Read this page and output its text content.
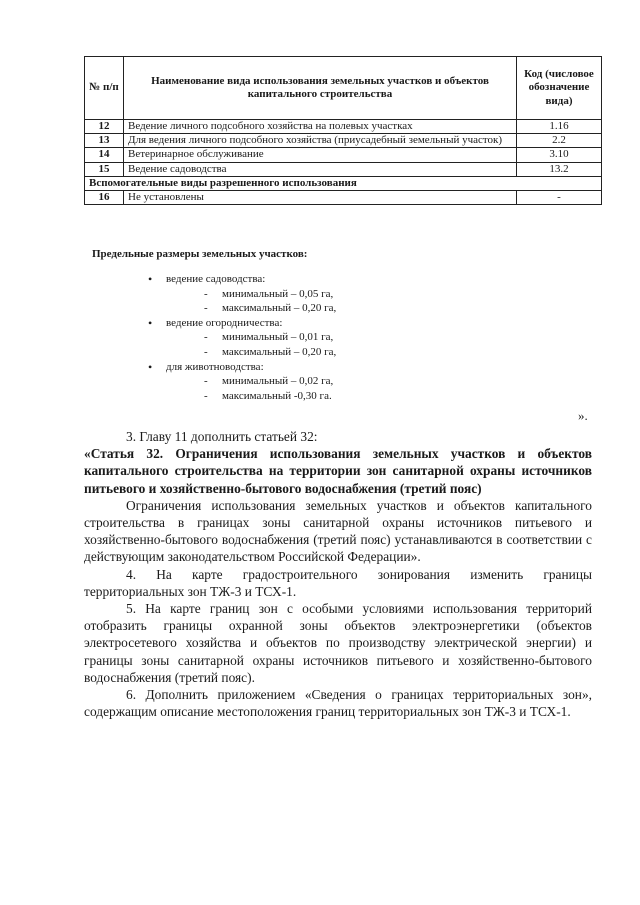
№ п/п	Наименование вида использования земельных участков и объектов капитального строительства	Код (числовое обозначение вида)
12	Ведение личного подсобного хозяйства на полевых участках	1.16
13	Для ведения личного подсобного хозяйства (приусадебный земельный участок)	2.2
14	Ветеринарное обслуживание	3.10
15	Ведение садоводства	13.2
Вспомогательные виды разрешенного использования		
16	Не установлены	-
Предельные размеры земельных участков:
• ведение садоводства:
- минимальный – 0,05 га,
- максимальный – 0,20 га,
• ведение огородничества:
- минимальный – 0,01 га,
- максимальный – 0,20 га,
• для животноводства:
- минимальный – 0,02 га,
- максимальный -0,30 га.
».

3. Главу 11 дополнить статьей 32:

«Статья 32. Ограничения использования земельных участков и объектов капитального строительства на территории зон санитарной охраны источников питьевого и хозяйственно-бытового водоснабжения (третий пояс)

Ограничения использования земельных участков и объектов капитального строительства в границах зоны санитарной охраны источников питьевого и хозяйственно-бытового водоснабжения (третий пояс) устанавливаются в соответствии с действующим законодательством Российской Федерации».

4. На карте градостроительного зонирования изменить границы территориальных зон ТЖ-3 и ТСХ-1.

5. На карте границ зон с особыми условиями использования территорий отобразить границы охранной зоны объектов электроэнергетики (объектов электросетевого хозяйства и объектов по производству электрической энергии) и границы зоны санитарной охраны источников питьевого и хозяйственно-бытового водоснабжения (третий пояс).

6. Дополнить приложением «Сведения о границах территориальных зон», содержащим описание местоположения границ территориальных зон ТЖ-3 и ТСХ-1.
